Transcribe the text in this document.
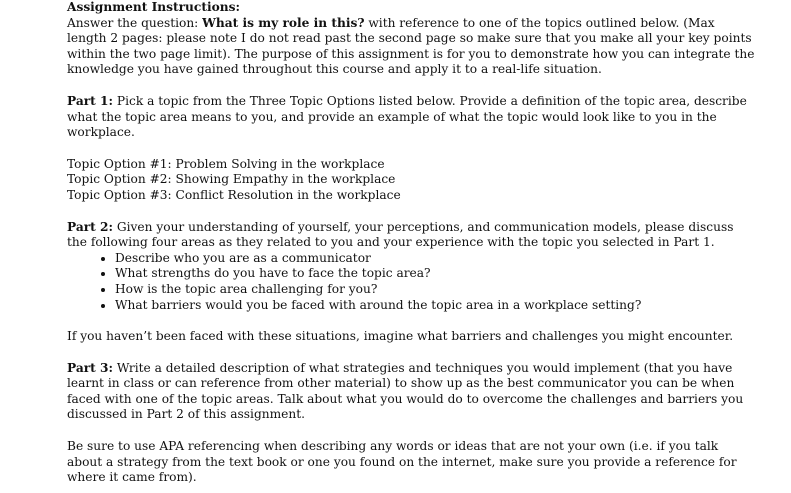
Assignment Instructions:

Answer the question: What is my role in this? with reference to one of the topics outlined below. (Max length 2 pages: please note I do not read past the second page so make sure that you make all your key points within the two page limit). The purpose of this assignment is for you to demonstrate how you can integrate the knowledge you have gained throughout this course and apply it to a real-life situation.

Part 1: Pick a topic from the Three Topic Options listed below. Provide a definition of the topic area, describe what the topic area means to you, and provide an example of what the topic would look like to you in the workplace.

Topic Option #1: Problem Solving in the workplace

Topic Option #2: Showing Empathy in the workplace

Topic Option #3: Conflict Resolution in the workplace

Part 2: Given your understanding of yourself, your perceptions, and communication models, please discuss the following four areas as they related to you and your experience with the topic you selected in Part 1.

• Describe who you are as a communicator
• What strengths do you have to face the topic area?
• How is the topic area challenging for you?
• What barriers would you be faced with around the topic area in a workplace setting?

If you haven’t been faced with these situations, imagine what barriers and challenges you might encounter.

Part 3: Write a detailed description of what strategies and techniques you would implement (that you have learnt in class or can reference from other material) to show up as the best communicator you can be when faced with one of the topic areas. Talk about what you would do to overcome the challenges and barriers you discussed in Part 2 of this assignment.

Be sure to use APA referencing when describing any words or ideas that are not your own (i.e. if you talk about a strategy from the text book or one you found on the internet, make sure you provide a reference for where it came from).
